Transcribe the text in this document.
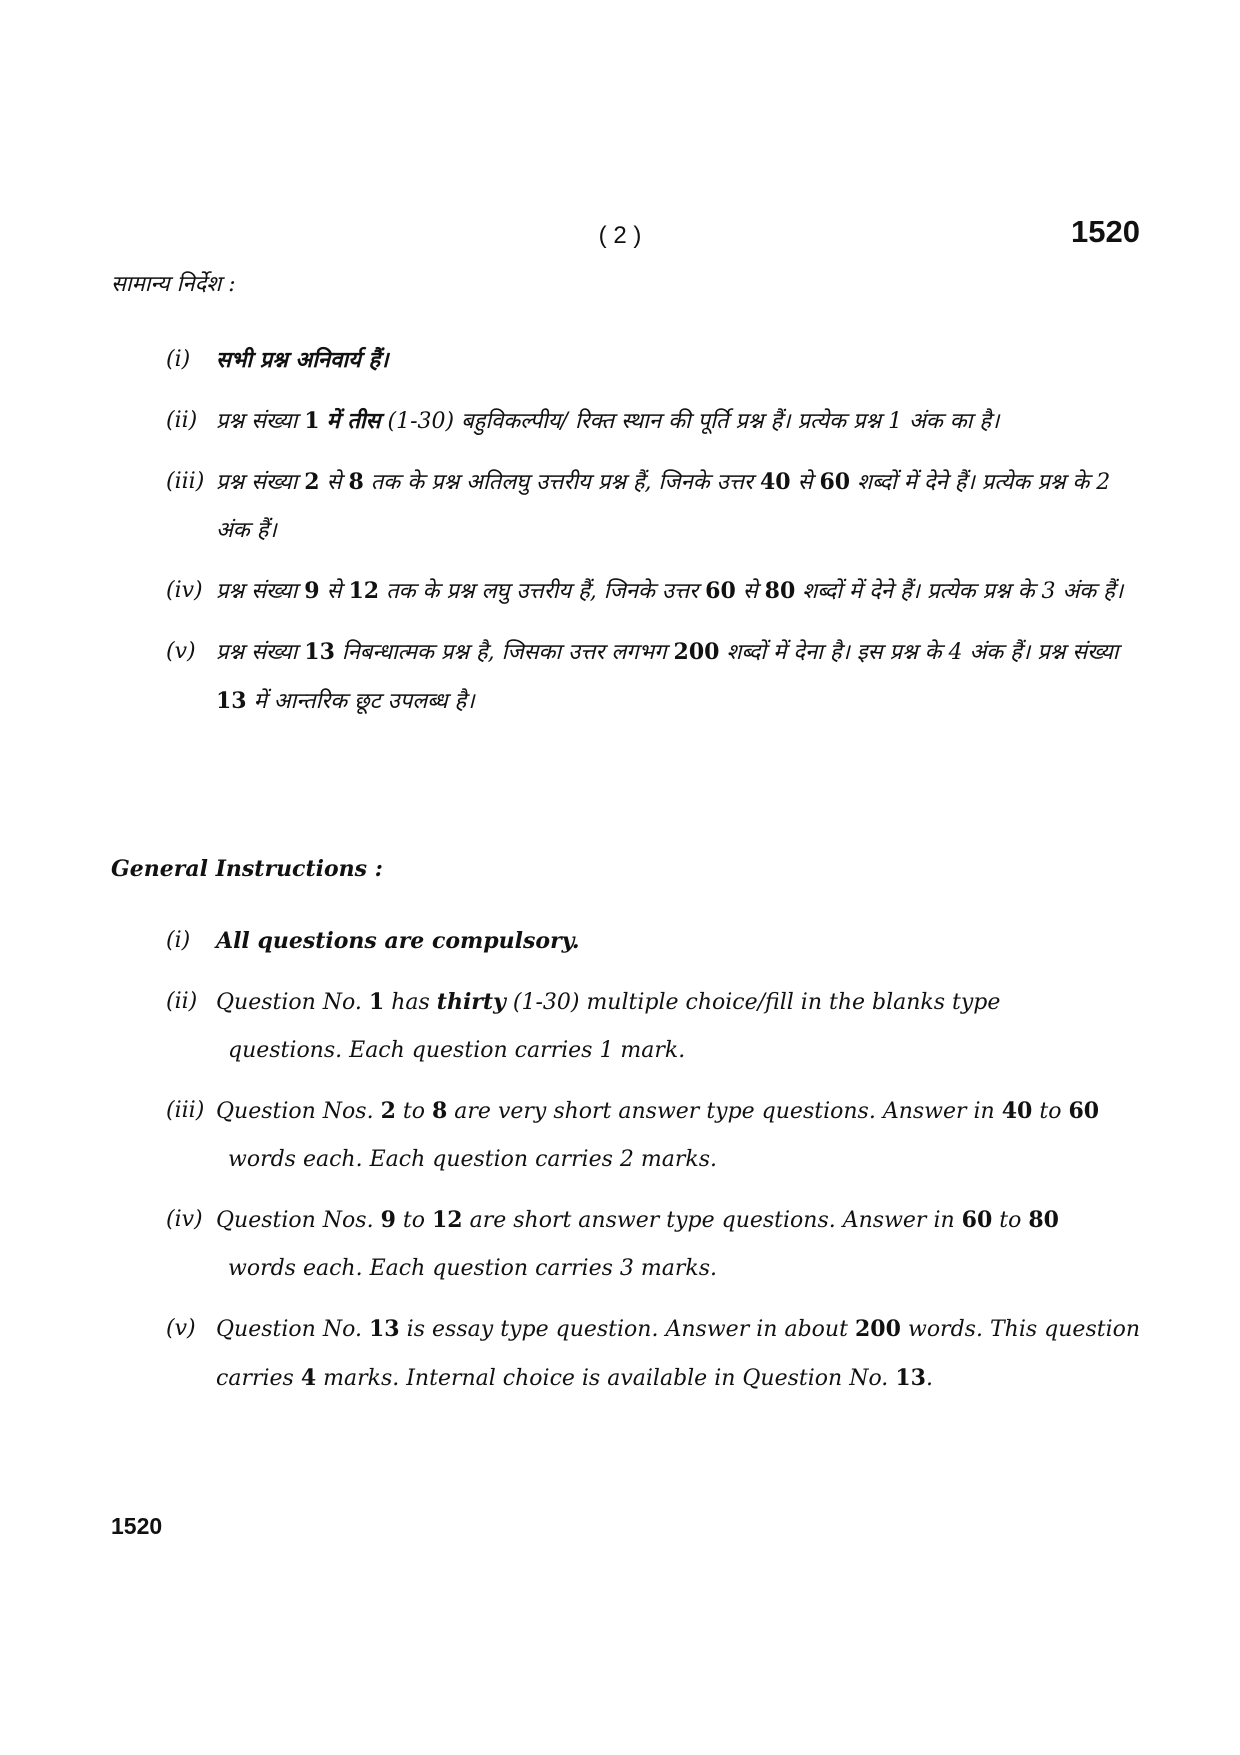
( 2 )	1520
सामान्य निर्देश :
(i) सभी प्रश्न अनिवार्य हैं।
(ii) प्रश्न संख्या 1 में तीस (1-30) बहुविकल्पीय/ रिक्त स्थान की पूर्ति प्रश्न हैं। प्रत्येक प्रश्न 1 अंक का है।
(iii) प्रश्न संख्या 2 से 8 तक के प्रश्न अतिलघु उत्तरीय प्रश्न हैं, जिनके उत्तर 40 से 60 शब्दों में देने हैं। प्रत्येक प्रश्न के 2 अंक हैं।
(iv) प्रश्न संख्या 9 से 12 तक के प्रश्न लघु उत्तरीय हैं, जिनके उत्तर 60 से 80 शब्दों में देने हैं। प्रत्येक प्रश्न के 3 अंक हैं।
(v) प्रश्न संख्या 13 निबन्धात्मक प्रश्न है, जिसका उत्तर लगभग 200 शब्दों में देना है। इस प्रश्न के 4 अंक हैं। प्रश्न संख्या 13 में आन्तरिक छूट उपलब्ध है।
General Instructions :
(i) All questions are compulsory.
(ii) Question No. 1 has thirty (1-30) multiple choice/fill in the blanks type
questions. Each question carries 1 mark.
(iii) Question Nos. 2 to 8 are very short answer type questions. Answer in 40 to 60
words each. Each question carries 2 marks.
(iv) Question Nos. 9 to 12 are short answer type questions. Answer in 60 to 80
words each. Each question carries 3 marks.
(v) Question No. 13 is essay type question. Answer in about 200 words. This question carries 4 marks. Internal choice is available in Question No. 13.
1520
